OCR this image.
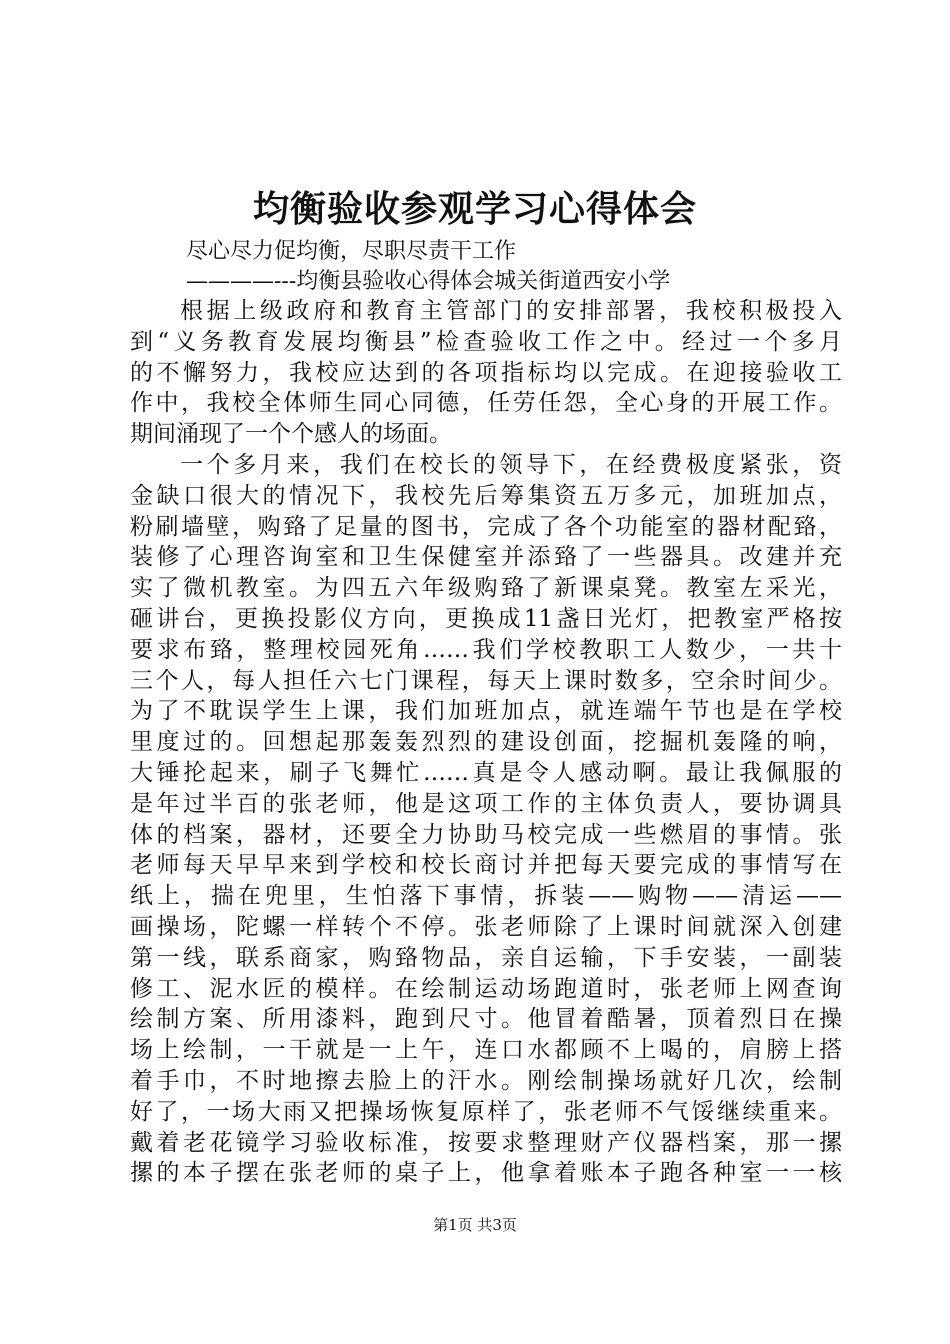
均衡验收参观学习心得体会
尽心尽力促均衡，尽职尽责干工作
————---均衡县验收心得体会城关街道西安小学

根据上级政府和教育主管部门的安排部署，我校积极投入
到“义务教育发展均衡县”检查验收工作之中。经过一个多月
的不懈努力，我校应达到的各项指标均以完成。在迎接验收工
作中，我校全体师生同心同德，任劳任怨，全心身的开展工作。
期间涌现了一个个感人的场面。

一个多月来，我们在校长的领导下，在经费极度紧张，资
金缺口很大的情况下，我校先后筹集资五万多元，加班加点，
粉刷墙壁，购臵了足量的图书，完成了各个功能室的器材配臵，
装修了心理咨询室和卫生保健室并添臵了一些器具。改建并充
实了微机教室。为四五六年级购臵了新课桌凳。教室左采光，
砸讲台，更换投影仪方向，更换成11盏日光灯，把教室严格按
要求布臵，整理校园死角……我们学校教职工人数少，一共十
三个人，每人担任六七门课程，每天上课时数多，空余时间少。
为了不耽误学生上课，我们加班加点，就连端午节也是在学校
里度过的。回想起那轰轰烈烈的建设创面，挖掘机轰隆的响，
大锤抡起来，刷子飞舞忙……真是令人感动啊。最让我佩服的
是年过半百的张老师，他是这项工作的主体负责人，要协调具
体的档案，器材，还要全力协助马校完成一些燃眉的事情。张
老师每天早早来到学校和校长商讨并把每天要完成的事情写在
纸上，揣在兜里，生怕落下事情，拆装——购物——清运——
画操场，陀螺一样转个不停。张老师除了上课时间就深入创建
第一线，联系商家，购臵物品，亲自运输，下手安装，一副装
修工、泥水匠的模样。在绘制运动场跑道时，张老师上网查询
绘制方案、所用漆料，跑到尺寸。他冒着酷暑，顶着烈日在操
场上绘制，一干就是一上午，连口水都顾不上喝的，肩膀上搭
着手巾，不时地擦去脸上的汗水。刚绘制操场就好几次，绘制
好了，一场大雨又把操场恢复原样了，张老师不气馁继续重来。
戴着老花镜学习验收标准，按要求整理财产仪器档案，那一摞
摞的本子摆在张老师的桌子上，他拿着账本子跑各种室一一核

第1页 共3页
